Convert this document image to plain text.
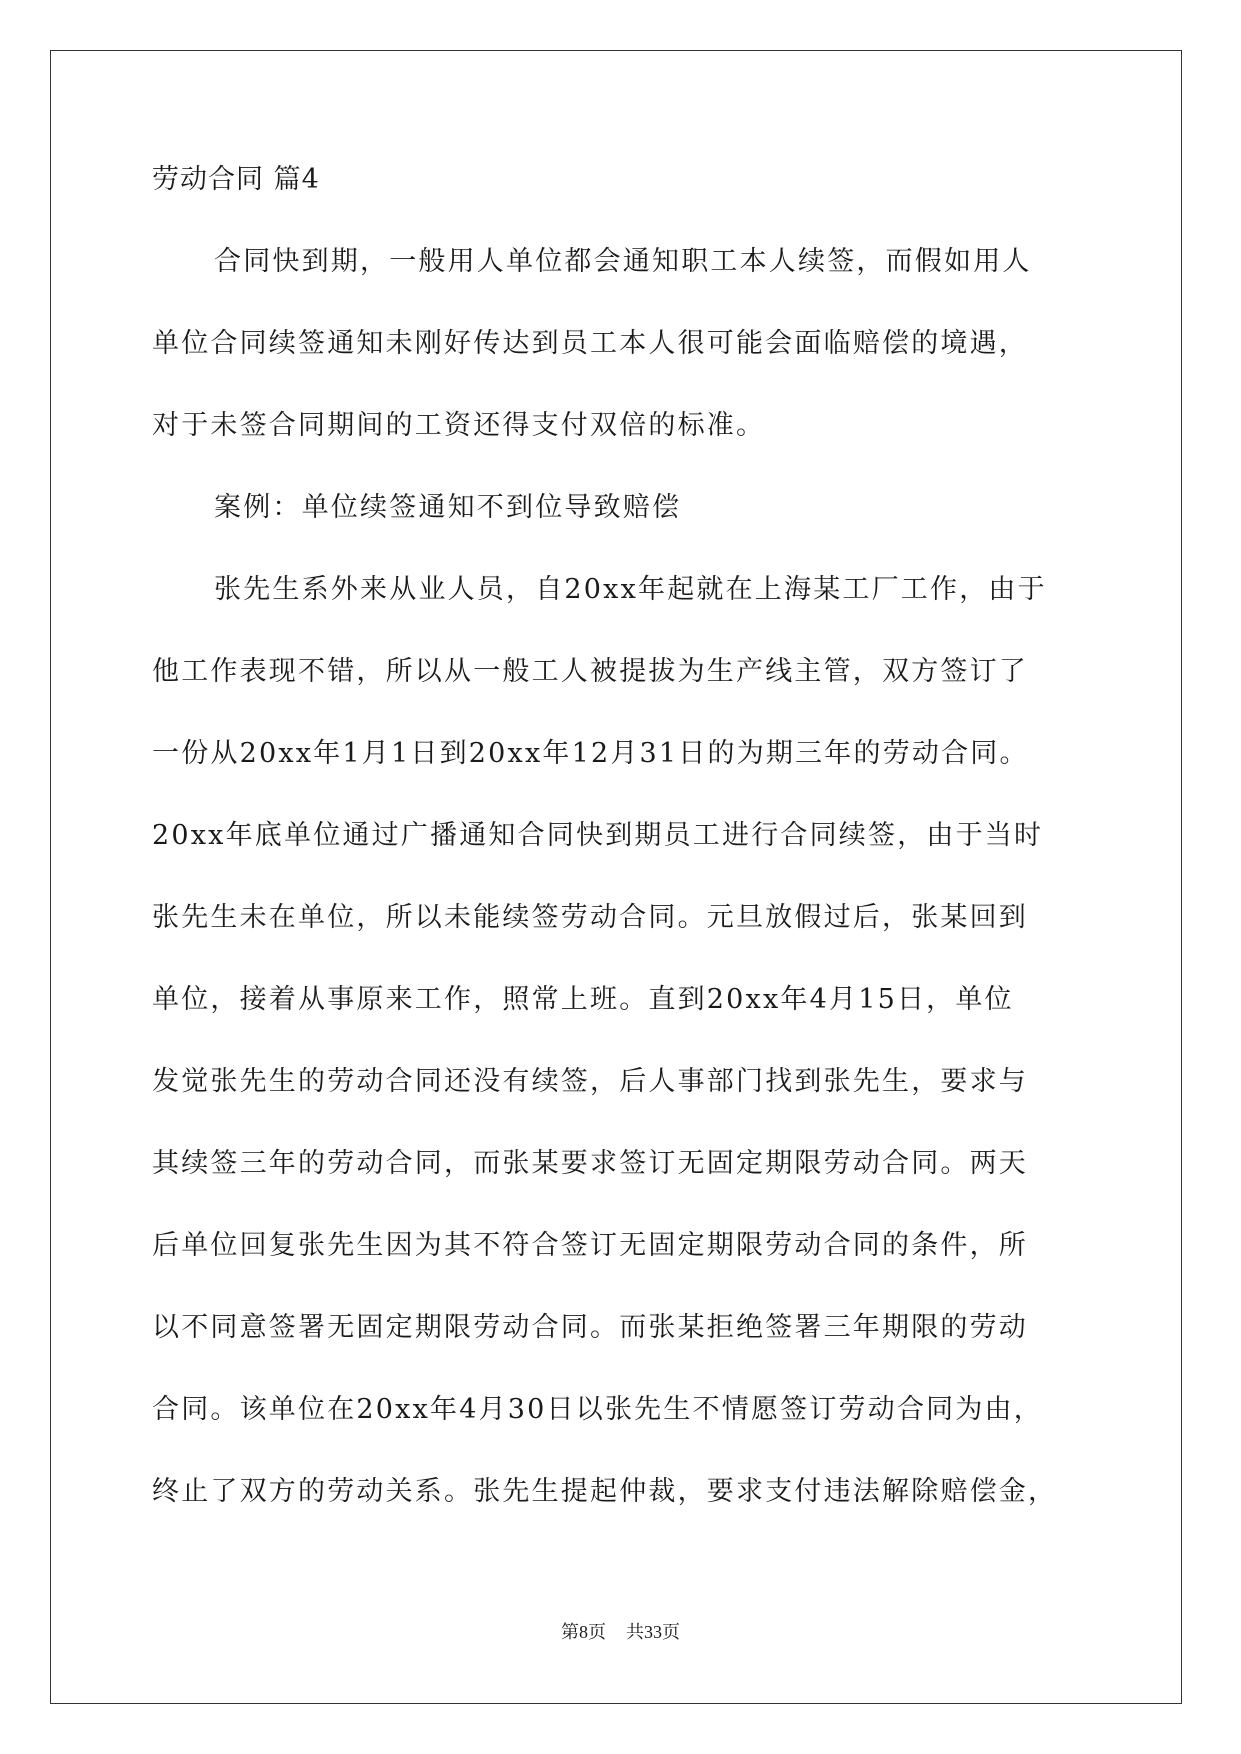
劳动合同 篇4

合同快到期，一般用人单位都会通知职工本人续签，而假如用人

单位合同续签通知未刚好传达到员工本人很可能会面临赔偿的境遇，

对于未签合同期间的工资还得支付双倍的标准。

案例：单位续签通知不到位导致赔偿

张先生系外来从业人员，自20xx年起就在上海某工厂工作，由于

他工作表现不错，所以从一般工人被提拔为生产线主管，双方签订了

一份从20xx年1月1日到20xx年12月31日的为期三年的劳动合同。

20xx年底单位通过广播通知合同快到期员工进行合同续签，由于当时

张先生未在单位，所以未能续签劳动合同。元旦放假过后，张某回到

单位，接着从事原来工作，照常上班。直到20xx年4月15日，单位

发觉张先生的劳动合同还没有续签，后人事部门找到张先生，要求与

其续签三年的劳动合同，而张某要求签订无固定期限劳动合同。两天

后单位回复张先生因为其不符合签订无固定期限劳动合同的条件，所

以不同意签署无固定期限劳动合同。而张某拒绝签署三年期限的劳动

合同。该单位在20xx年4月30日以张先生不情愿签订劳动合同为由，

终止了双方的劳动关系。张先生提起仲裁，要求支付违法解除赔偿金，

第8页 共33页
